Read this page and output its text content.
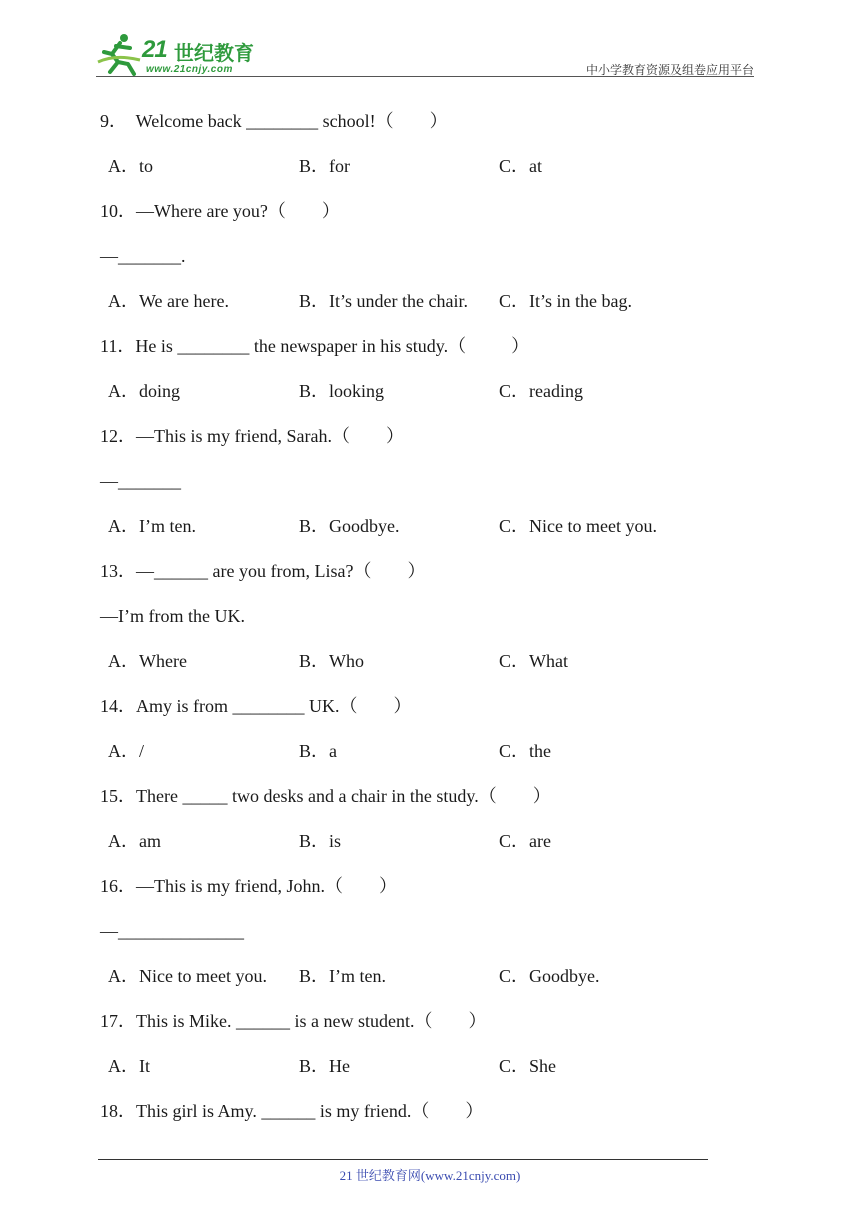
21 世纪教育
www.21cnjy.com	中小学教育资源及组卷应用平台
9．  Welcome back ________ school!（        ）
A．to	B．for	C．at
10．—Where are you?（        ）
—_______.
A．We are here.	B．It’s under the chair. C．It’s in the bag.
11．He is ________ the newspaper in his study.（          ）
A．doing	B．looking	C．reading
12．—This is my friend, Sarah.（        ）
—_______
A．I’m ten.	B．Goodbye.	C．Nice to meet you.
13．—______ are you from, Lisa?（        ）
—I’m from the UK.
A．Where	B．Who	C．What
14．Amy is from ________ UK.（        ）
A．/	B．a	C．the
15．There _____ two desks and a chair in the study.（        ）
A．am	B．is	C．are
16．—This is my friend, John.（        ）
—______________
A．Nice to meet you. B．I’m ten.	C．Goodbye.
17．This is Mike. ______ is a new student.（        ）
A．It	B．He	C．She
18．This girl is Amy. ______ is my friend.（        ）
21 世纪教育网(www.21cnjy.com)
